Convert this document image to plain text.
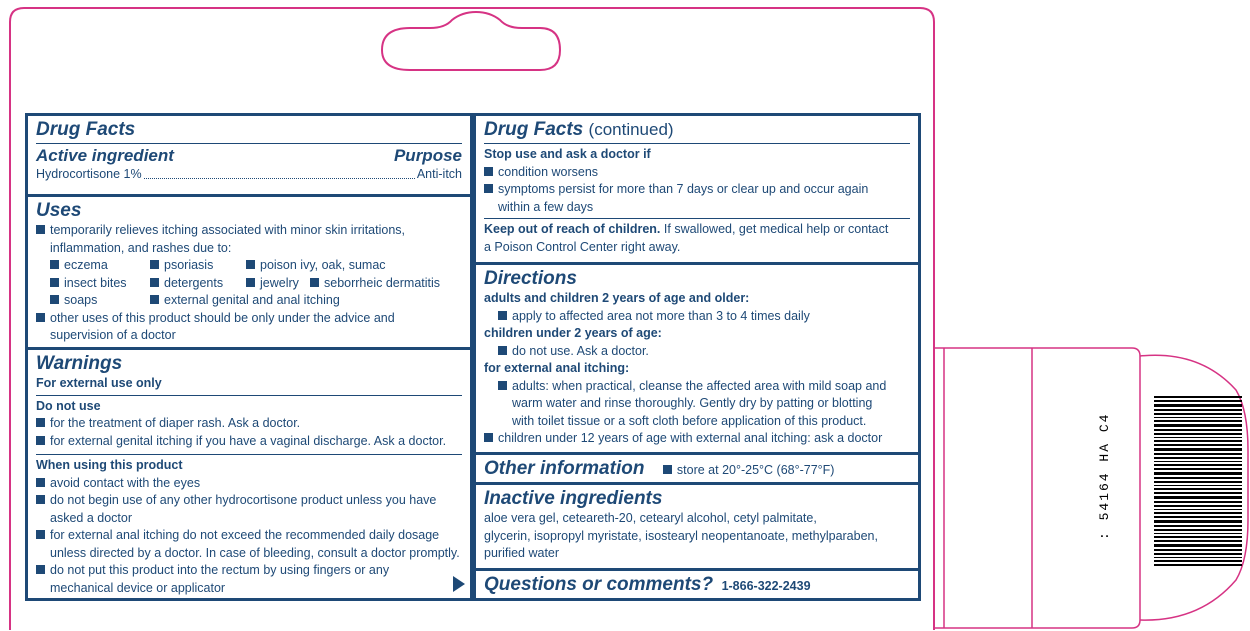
Drug Facts
Active ingredient	Purpose
Hydrocortisone 1%	Anti-itch
Uses
temporarily relieves itching associated with minor skin irritations,
inflammation, and rashes due to:
eczema	psoriasis	poison ivy, oak, sumac
insect bites	detergents	jewelry	seborrheic dermatitis
soaps	external genital and anal itching
other uses of this product should be only under the advice and
supervision of a doctor
Warnings
For external use only
Do not use
for the treatment of diaper rash. Ask a doctor.
for external genital itching if you have a vaginal discharge. Ask a doctor.
When using this product
avoid contact with the eyes
do not begin use of any other hydrocortisone product unless you have
asked a doctor
for external anal itching do not exceed the recommended daily dosage
unless directed by a doctor. In case of bleeding, consult a doctor promptly.
do not put this product into the rectum by using fingers or any
mechanical device or applicator
Drug Facts (continued)
Stop use and ask a doctor if
condition worsens
symptoms persist for more than 7 days or clear up and occur again
within a few days
Keep out of reach of children. If swallowed, get medical help or contact
a Poison Control Center right away.
Directions
adults and children 2 years of age and older:
apply to affected area not more than 3 to 4 times daily
children under 2 years of age:
do not use. Ask a doctor.
for external anal itching:
adults: when practical, cleanse the affected area with mild soap and
warm water and rinse thoroughly. Gently dry by patting or blotting
with toilet tissue or a soft cloth before application of this product.
children under 12 years of age with external anal itching: ask a doctor
Other information	store at 20°-25°C (68°-77°F)
Inactive ingredients
aloe vera gel, ceteareth-20, cetearyl alcohol, cetyl palmitate,
glycerin, isopropyl myristate, isostearyl neopentanoate, methylparaben,
purified water
Questions or comments? 1-866-322-2439
: 54164 HA C4
